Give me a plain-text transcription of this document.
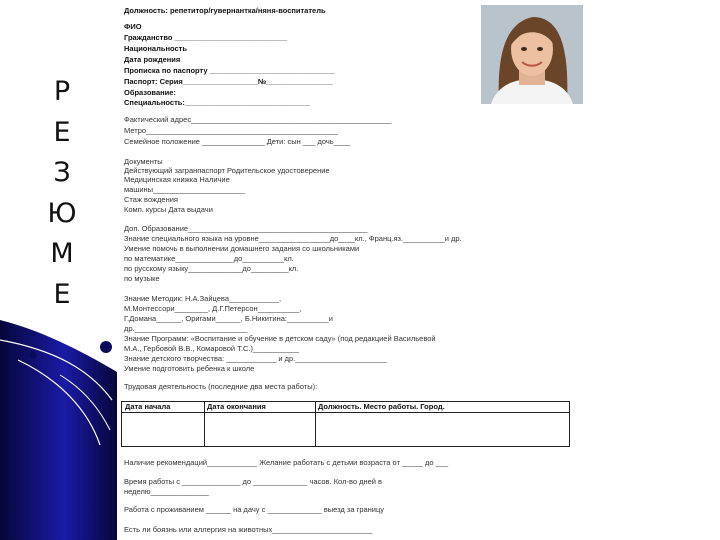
Р
Е
З
Ю
М
Е
Должность: репетитор/гувернантка/няня-воспитатель
ФИО
Гражданство ___________________________
Национальность
Дата рождения
Прописка по паспорту ______________________________
Паспорт: Серия__________________№________________
Образование:
Специальность:______________________________
Фактический адрес________________________________________________
Метро______________________________________________
Семейное положение _______________ Дети: сын ___ дочь____
Документы
Действующий загранпаспорт Родительское удостоверение
Медицинская книжка Наличие
машины______________________
Стаж вождения
Комп. курсы Дата выдачи
Доп. Образование___________________________________________
Знание специального языка на уровне_________________до____кл., Франц.яз.__________и др.
Умение помочь в выполнении домашнего задания со школьниками
по математике______________до__________кл.
по русскому языку_____________до_________кл.
по музыке
Знание Методик: Н.А.Зайцева____________,
М.Монтессори________, Д.Г.Петерсон__________,
Г.Домана______, Оригами______, Б.Никитина:__________и
др.___________________________
Знание Программ: «Воспитание и обучение в детском саду» (под редакцией Васильевой
М.А., Гербовой В.В., Комаровой Т.С.)___________
Знание детского творчества: ____________ и др.______________________
Умение подготовить ребенка к школе
Трудовая деятельность (последние два места работы):
Наличие рекомендаций____________ Желание работать с детьми возраста от _____ до ___
Время работы с ______________ до _____________ часов. Кол-во дней в
неделю______________
Работа с проживанием ______ на дачу с _____________ выезд за границу
Есть ли боязнь или аллергия на животных________________________
Дата начала	Дата окончания	Должность. Место работы. Город.
